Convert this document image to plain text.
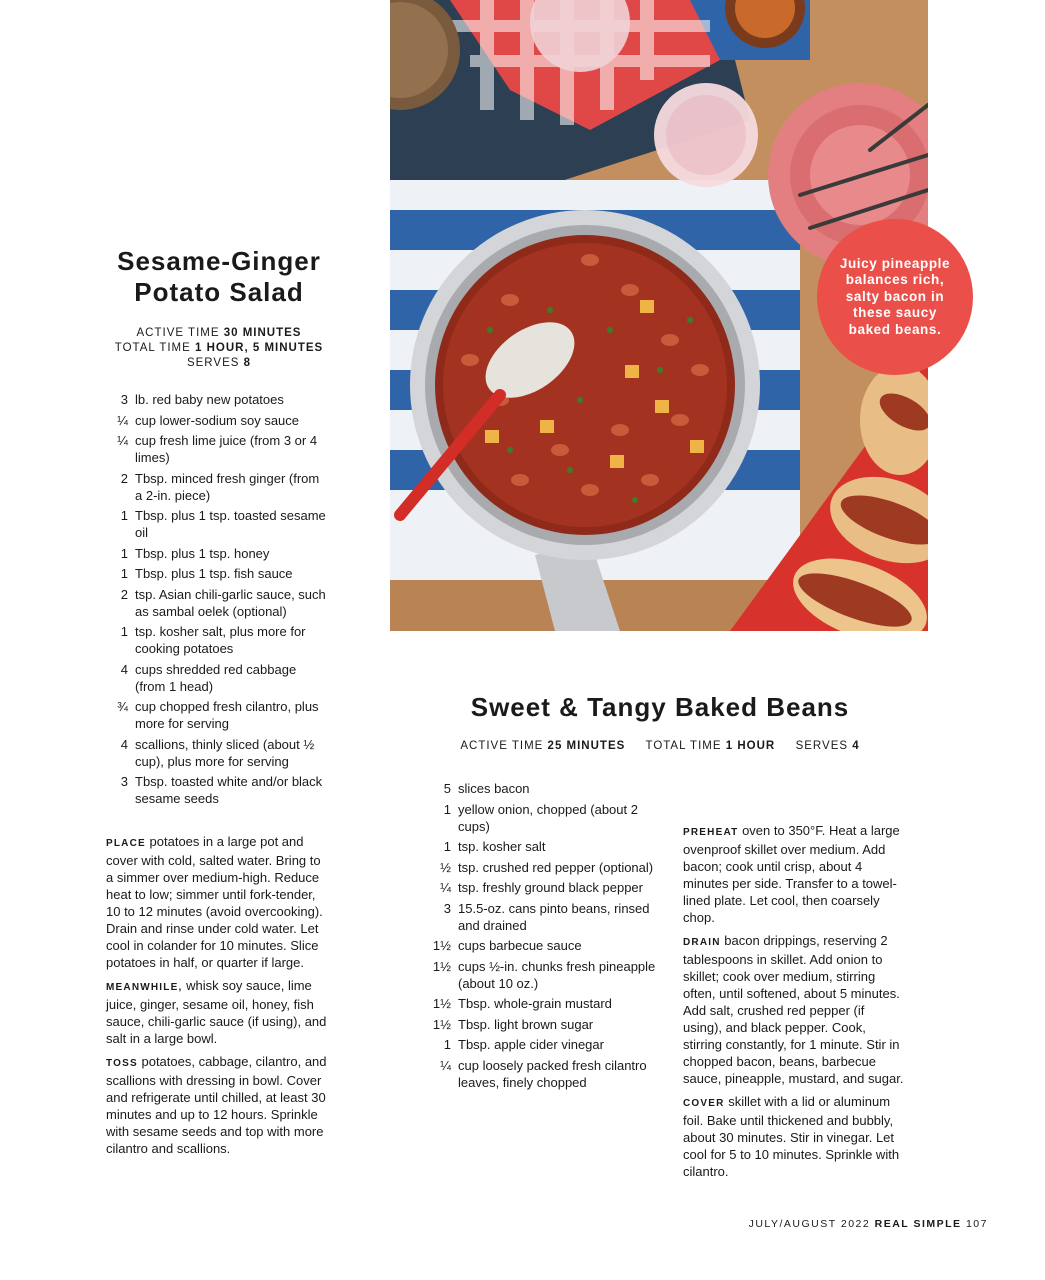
Juicy pineapple balances rich, salty bacon in these saucy baked beans.
Sesame-Ginger
Potato Salad
ACTIVE TIME 30 MINUTES
TOTAL TIME 1 HOUR, 5 MINUTES
SERVES 8
3 lb. red baby new potatoes
¼ cup lower-sodium soy sauce
¼ cup fresh lime juice (from 3 or 4 limes)
2 Tbsp. minced fresh ginger (from a 2-in. piece)
1 Tbsp. plus 1 tsp. toasted sesame oil
1 Tbsp. plus 1 tsp. honey
1 Tbsp. plus 1 tsp. fish sauce
2 tsp. Asian chili-garlic sauce, such as sambal oelek (optional)
1 tsp. kosher salt, plus more for cooking potatoes
4 cups shredded red cabbage (from 1 head)
¾ cup chopped fresh cilantro, plus more for serving
4 scallions, thinly sliced (about ½ cup), plus more for serving
3 Tbsp. toasted white and/or black sesame seeds

PLACE potatoes in a large pot and cover with cold, salted water. Bring to a simmer over medium-high. Reduce heat to low; simmer until fork-tender, 10 to 12 minutes (avoid overcooking). Drain and rinse under cold water. Let cool in colander for 10 minutes. Slice potatoes in half, or quarter if large.

MEANWHILE, whisk soy sauce, lime juice, ginger, sesame oil, honey, fish sauce, chili-garlic sauce (if using), and salt in a large bowl.

TOSS potatoes, cabbage, cilantro, and scallions with dressing in bowl. Cover and refrigerate until chilled, at least 30 minutes and up to 12 hours. Sprinkle with sesame seeds and top with more cilantro and scallions.

Sweet & Tangy Baked Beans
ACTIVE TIME 25 MINUTES TOTAL TIME 1 HOUR SERVES 4
5 slices bacon
1 yellow onion, chopped (about 2 cups)
1 tsp. kosher salt
½ tsp. crushed red pepper (optional)
¼ tsp. freshly ground black pepper
3 15.5-oz. cans pinto beans, rinsed and drained
1½ cups barbecue sauce
1½ cups ½-in. chunks fresh pineapple (about 10 oz.)
1½ Tbsp. whole-grain mustard
1½ Tbsp. light brown sugar
1 Tbsp. apple cider vinegar
¼ cup loosely packed fresh cilantro leaves, finely chopped

PREHEAT oven to 350°F. Heat a large ovenproof skillet over medium. Add bacon; cook until crisp, about 4 minutes per side. Transfer to a towel-lined plate. Let cool, then coarsely chop.

DRAIN bacon drippings, reserving 2 tablespoons in skillet. Add onion to skillet; cook over medium, stirring often, until softened, about 5 minutes. Add salt, crushed red pepper (if using), and black pepper. Cook, stirring constantly, for 1 minute. Stir in chopped bacon, beans, barbecue sauce, pineapple, mustard, and sugar.

COVER skillet with a lid or aluminum foil. Bake until thickened and bubbly, about 30 minutes. Stir in vinegar. Let cool for 5 to 10 minutes. Sprinkle with cilantro.

JULY/AUGUST 2022 REAL SIMPLE 107
